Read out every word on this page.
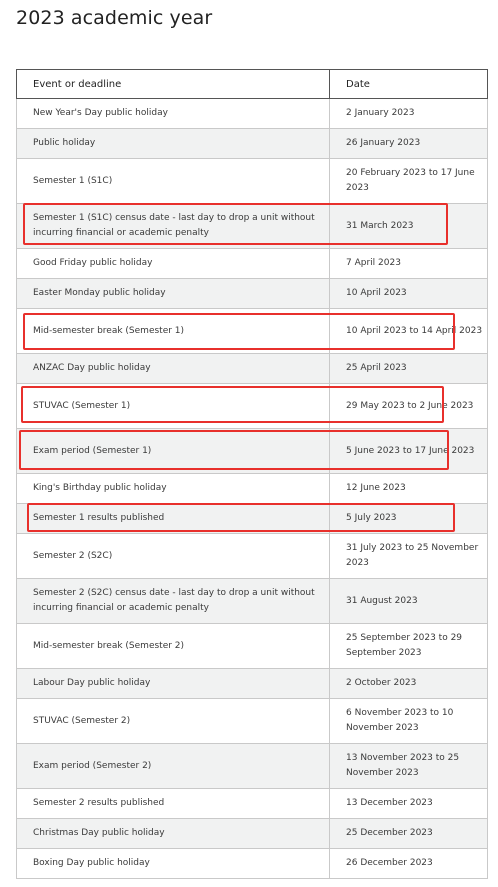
2023 academic year
Event or deadline	Date
New Year's Day public holiday	2 January 2023
Public holiday	26 January 2023
Semester 1 (S1C)	20 February 2023 to 17 June 2023
Semester 1 (S1C) census date - last day to drop a unit without incurring financial or academic penalty	31 March 2023
Good Friday public holiday	7 April 2023
Easter Monday public holiday	10 April 2023
Mid-semester break (Semester 1)	10 April 2023 to 14 April 2023
ANZAC Day public holiday	25 April 2023
STUVAC (Semester 1)	29 May 2023 to 2 June 2023
Exam period (Semester 1)	5 June 2023 to 17 June 2023
King's Birthday public holiday	12 June 2023
Semester 1 results published	5 July 2023
Semester 2 (S2C)	31 July 2023 to 25 November 2023
Semester 2 (S2C) census date - last day to drop a unit without incurring financial or academic penalty	31 August 2023
Mid-semester break (Semester 2)	25 September 2023 to 29 September 2023
Labour Day public holiday	2 October 2023
STUVAC (Semester 2)	6 November 2023 to 10 November 2023
Exam period (Semester 2)	13 November 2023 to 25 November 2023
Semester 2 results published	13 December 2023
Christmas Day public holiday	25 December 2023
Boxing Day public holiday	26 December 2023
